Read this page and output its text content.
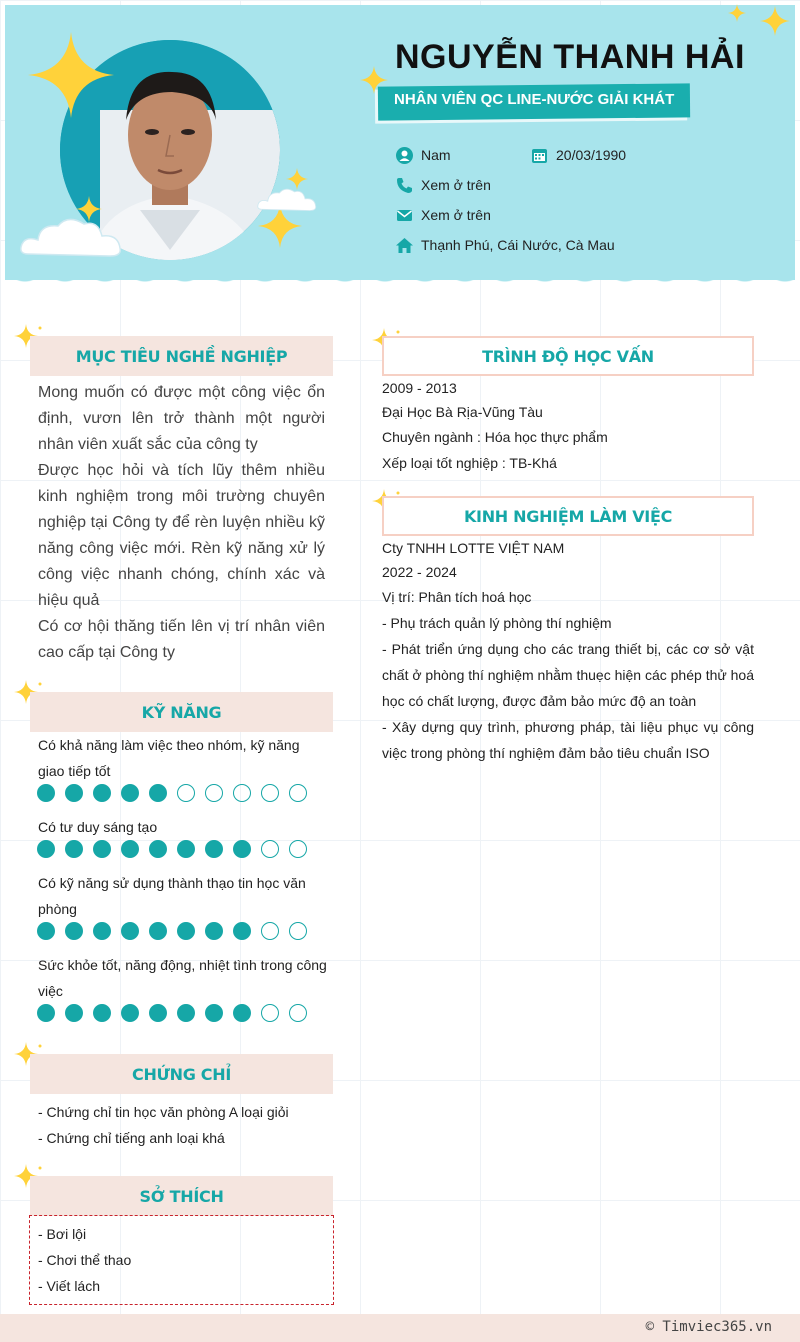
NGUYỄN THANH HẢI
NHÂN VIÊN QC LINE-NƯỚC GIẢI KHÁT
Nam	20/03/1990
Xem ở trên
Xem ở trên
Thạnh Phú, Cái Nước, Cà Mau
MỤC TIÊU NGHỀ NGHIỆP
Mong muốn có được một công việc ổn định, vươn lên trở thành một người nhân viên xuất sắc của công ty
Được học hỏi và tích lũy thêm nhiều kinh nghiệm trong môi trường chuyên nghiệp tại Công ty để rèn luyện nhiều kỹ năng công việc mới. Rèn kỹ năng xử lý công việc nhanh chóng, chính xác và hiệu quả
Có cơ hội thăng tiến lên vị trí nhân viên cao cấp tại Công ty
KỸ NĂNG
Có khả năng làm việc theo nhóm, kỹ năng giao tiếp tốt
Có tư duy sáng tạo
Có kỹ năng sử dụng thành thạo tin học văn phòng
Sức khỏe tốt, năng động, nhiệt tình trong công việc
CHỨNG CHỈ
- Chứng chỉ tin học văn phòng A loại giỏi
- Chứng chỉ tiếng anh loại khá
SỞ THÍCH
- Bơi lội
- Chơi thể thao
- Viết lách
TRÌNH ĐỘ HỌC VẤN
2009 - 2013
Đại Học Bà Rịa-Vũng Tàu
Chuyên ngành : Hóa học thực phẩm
Xếp loại tốt nghiệp : TB-Khá
KINH NGHIỆM LÀM VIỆC
Cty TNHH LOTTE VIỆT NAM
2022 - 2024
Vị trí: Phân tích hoá học
- Phụ trách quản lý phòng thí nghiệm
- Phát triển ứng dụng cho các trang thiết bị, các cơ sở vật chất ở phòng thí nghiệm nhằm thuẹc hiện các phép thử hoá học có chất lượng, được đảm bảo mức độ an toàn
- Xây dựng quy trình, phương pháp, tài liệu phục vụ công việc trong phòng thí nghiệm đảm bảo tiêu chuẩn ISO
© Timviec365.vn
